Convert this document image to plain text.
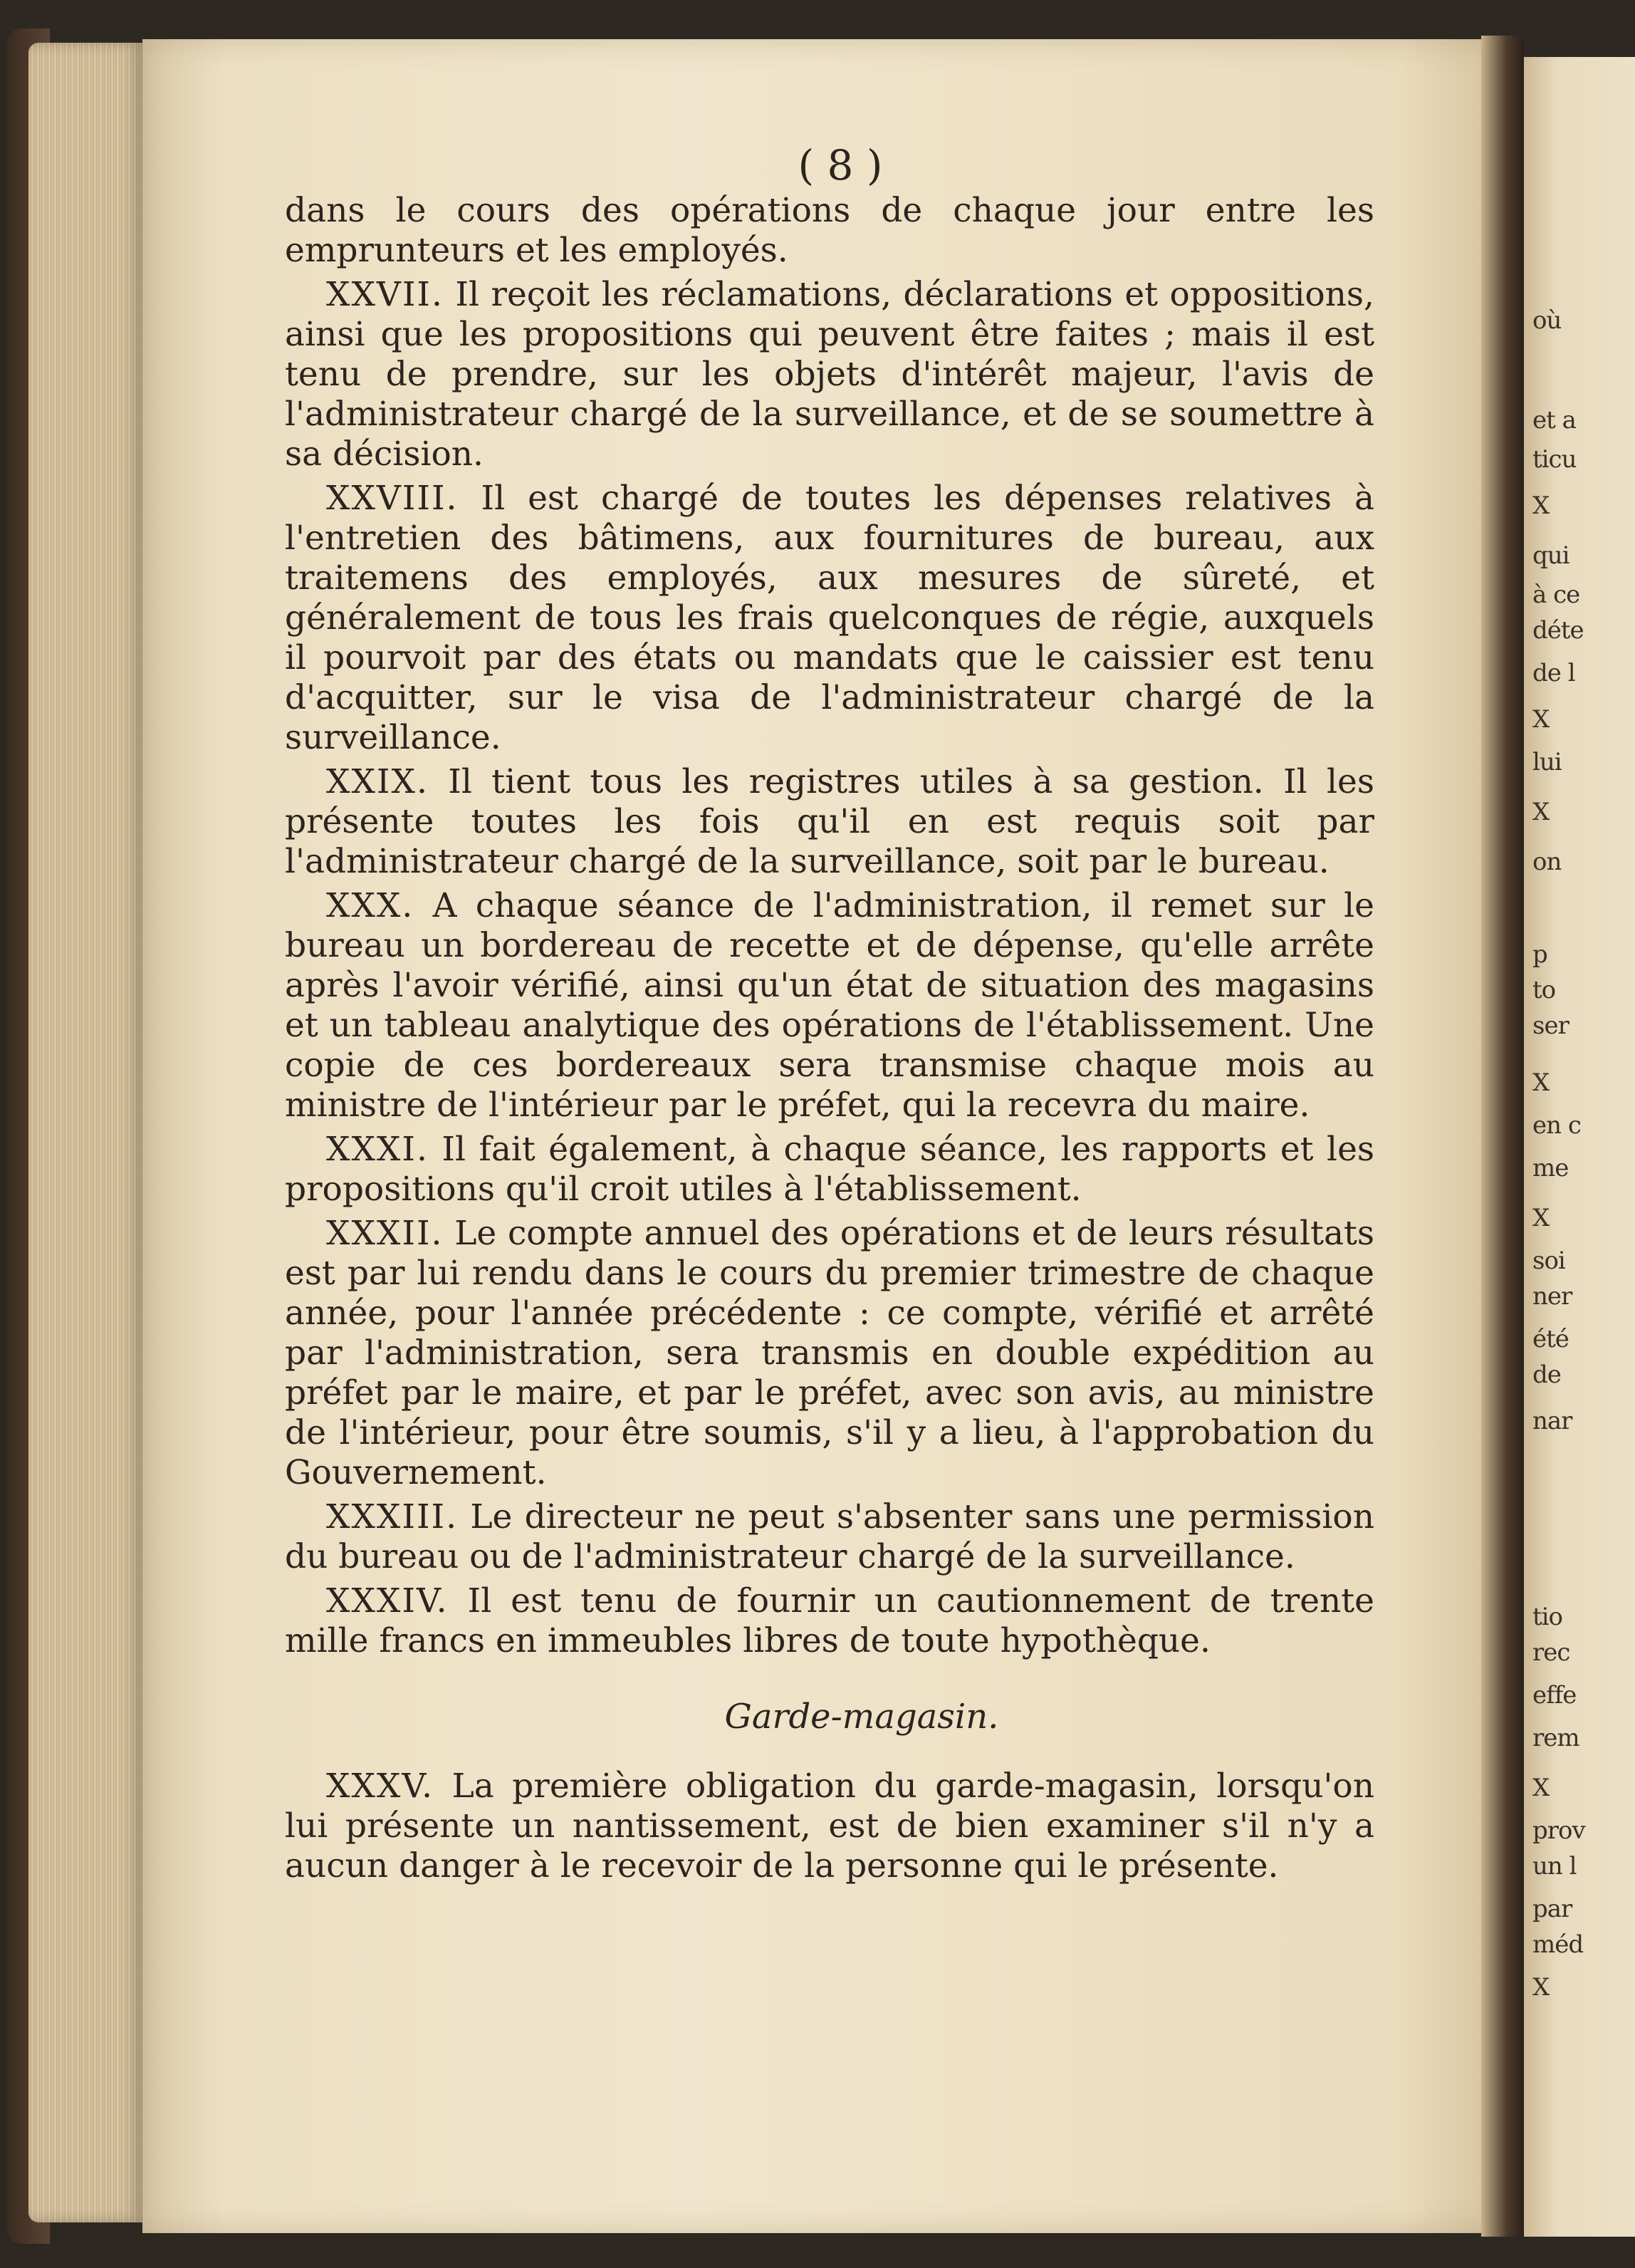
où
et a
ticu
X
qui
à ce
déte
de l
X
lui
X
on
p
to
ser
X
en c
me
X
soi
ner
été
de
nar
tio
rec
effe
rem
X
prov
un l
par
méd
X
( 8 )

dans le cours des opérations de chaque jour entre les emprunteurs et les employés.

XXVII. Il reçoit les réclamations, déclarations et oppositions, ainsi que les propositions qui peuvent être faites ; mais il est tenu de prendre, sur les objets d'intérêt majeur, l'avis de l'administrateur chargé de la surveillance, et de se soumettre à sa décision.

XXVIII. Il est chargé de toutes les dépenses relatives à l'entretien des bâtimens, aux fournitures de bureau, aux traitemens des employés, aux mesures de sûreté, et généralement de tous les frais quelconques de régie, auxquels il pourvoit par des états ou mandats que le caissier est tenu d'acquitter, sur le visa de l'administrateur chargé de la surveillance.

XXIX. Il tient tous les registres utiles à sa gestion. Il les présente toutes les fois qu'il en est requis soit par l'administrateur chargé de la surveillance, soit par le bureau.

XXX. A chaque séance de l'administration, il remet sur le bureau un bordereau de recette et de dépense, qu'elle arrête après l'avoir vérifié, ainsi qu'un état de situation des magasins et un tableau analytique des opérations de l'établissement. Une copie de ces bordereaux sera transmise chaque mois au ministre de l'intérieur par le préfet, qui la recevra du maire.

XXXI. Il fait également, à chaque séance, les rapports et les propositions qu'il croit utiles à l'établissement.

XXXII. Le compte annuel des opérations et de leurs résultats est par lui rendu dans le cours du premier trimestre de chaque année, pour l'année précédente : ce compte, vérifié et arrêté par l'administration, sera transmis en double expédition au préfet par le maire, et par le préfet, avec son avis, au ministre de l'intérieur, pour être soumis, s'il y a lieu, à l'approbation du Gouvernement.

XXXIII. Le directeur ne peut s'absenter sans une permission du bureau ou de l'administrateur chargé de la surveillance.

XXXIV. Il est tenu de fournir un cautionnement de trente mille francs en immeubles libres de toute hypothèque.

Garde-magasin.

XXXV. La première obligation du garde-magasin, lorsqu'on lui présente un nantissement, est de bien examiner s'il n'y a aucun danger à le recevoir de la personne qui le présente.
